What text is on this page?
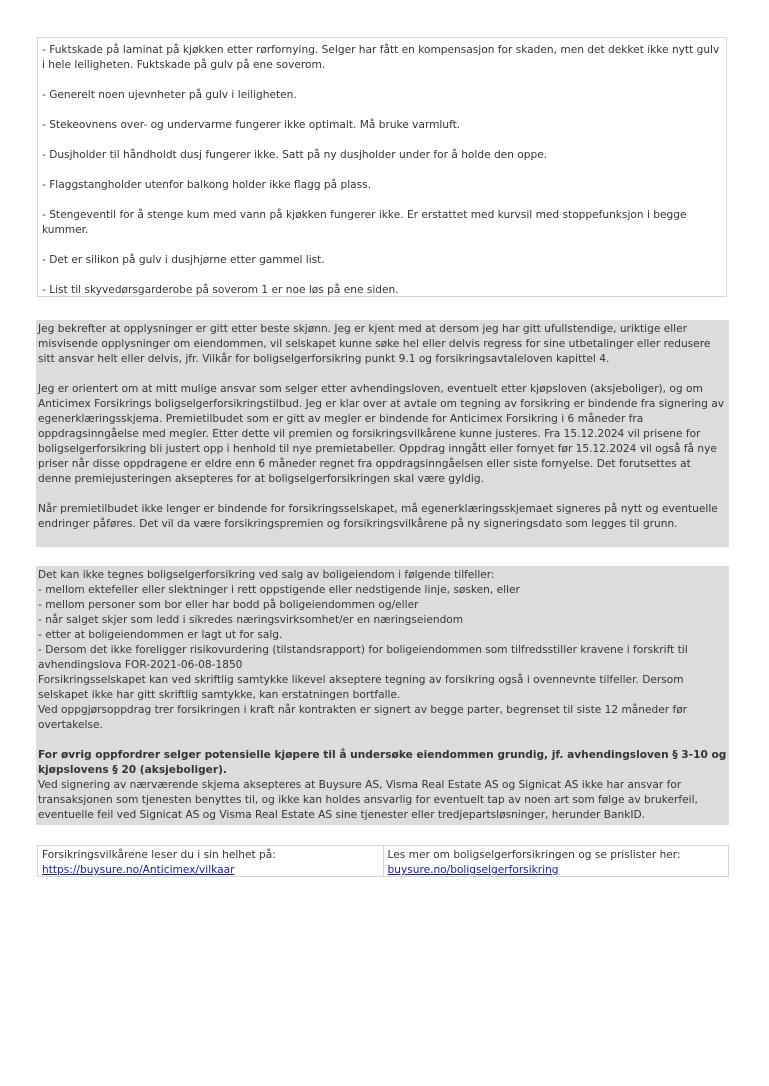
- Fuktskade på laminat på kjøkken etter rørfornying. Selger har fått en kompensasjon for skaden, men det dekket ikke nytt gulv i hele leiligheten. Fuktskade på gulv på ene soverom.

- Generelt noen ujevnheter på gulv i leiligheten.

- Stekeovnens over- og undervarme fungerer ikke optimalt. Må bruke varmluft.

- Dusjholder til håndholdt dusj fungerer ikke. Satt på ny dusjholder under for å holde den oppe.

- Flaggstangholder utenfor balkong holder ikke flagg på plass.

- Stengeventil for å stenge kum med vann på kjøkken fungerer ikke. Er erstattet med kurvsil med stoppefunksjon i begge kummer.

- Det er silikon på gulv i dusjhjørne etter gammel list.

- List til skyvedørsgarderobe på soverom 1 er noe løs på ene siden.

Jeg bekrefter at opplysninger er gitt etter beste skjønn. Jeg er kjent med at dersom jeg har gitt ufullstendige, uriktige eller misvisende opplysninger om eiendommen, vil selskapet kunne søke hel eller delvis regress for sine utbetalinger eller redusere sitt ansvar helt eller delvis, jfr. Vilkår for boligselgerforsikring punkt 9.1 og forsikringsavtaleloven kapittel 4.

Jeg er orientert om at mitt mulige ansvar som selger etter avhendingsloven, eventuelt etter kjøpsloven (aksjeboliger), og om Anticimex Forsikrings boligselgerforsikringstilbud. Jeg er klar over at avtale om tegning av forsikring er bindende fra signering av egenerklæringsskjema. Premietilbudet som er gitt av megler er bindende for Anticimex Forsikring i 6 måneder fra oppdragsinngåelse med megler. Etter dette vil premien og forsikringsvilkårene kunne justeres. Fra 15.12.2024 vil prisene for boligselgerforsikring bli justert opp i henhold til nye premietabeller. Oppdrag inngått eller fornyet før 15.12.2024 vil også få nye priser når disse oppdragene er eldre enn 6 måneder regnet fra oppdragsinngåelsen eller siste fornyelse. Det forutsettes at denne premiejusteringen aksepteres for at boligselgerforsikringen skal være gyldig.

Når premietilbudet ikke lenger er bindende for forsikringsselskapet, må egenerklæringsskjemaet signeres på nytt og eventuelle endringer påføres. Det vil da være forsikringspremien og forsikringsvilkårene på ny signeringsdato som legges til grunn.

Det kan ikke tegnes boligselgerforsikring ved salg av boligeiendom i følgende tilfeller:
- mellom ektefeller eller slektninger i rett oppstigende eller nedstigende linje, søsken, eller
- mellom personer som bor eller har bodd på boligeiendommen og/eller
- når salget skjer som ledd i sikredes næringsvirksomhet/er en næringseiendom
- etter at boligeiendommen er lagt ut for salg.
- Dersom det ikke foreligger risikovurdering (tilstandsrapport) for boligeiendommen som tilfredsstiller kravene i forskrift til avhendingslova FOR-2021-06-08-1850
Forsikringsselskapet kan ved skriftlig samtykke likevel akseptere tegning av forsikring også i ovennevnte tilfeller. Dersom selskapet ikke har gitt skriftlig samtykke, kan erstatningen bortfalle.
Ved oppgjørsoppdrag trer forsikringen i kraft når kontrakten er signert av begge parter, begrenset til siste 12 måneder før overtakelse.
For øvrig oppfordrer selger potensielle kjøpere til å undersøke eiendommen grundig, jf. avhendingsloven § 3-10 og kjøpslovens § 20 (aksjeboliger).
Ved signering av nærværende skjema aksepteres at Buysure AS, Visma Real Estate AS og Signicat AS ikke har ansvar for transaksjonen som tjenesten benyttes til, og ikke kan holdes ansvarlig for eventuelt tap av noen art som følge av brukerfeil, eventuelle feil ved Signicat AS og Visma Real Estate AS sine tjenester eller tredjepartsløsninger, herunder BankID.
Forsikringsvilkårene leser du i sin helhet på:
https://buysure.no/Anticimex/vilkaar
Les mer om boligselgerforsikringen og se prislister her:
buysure.no/boligselgerforsikring
